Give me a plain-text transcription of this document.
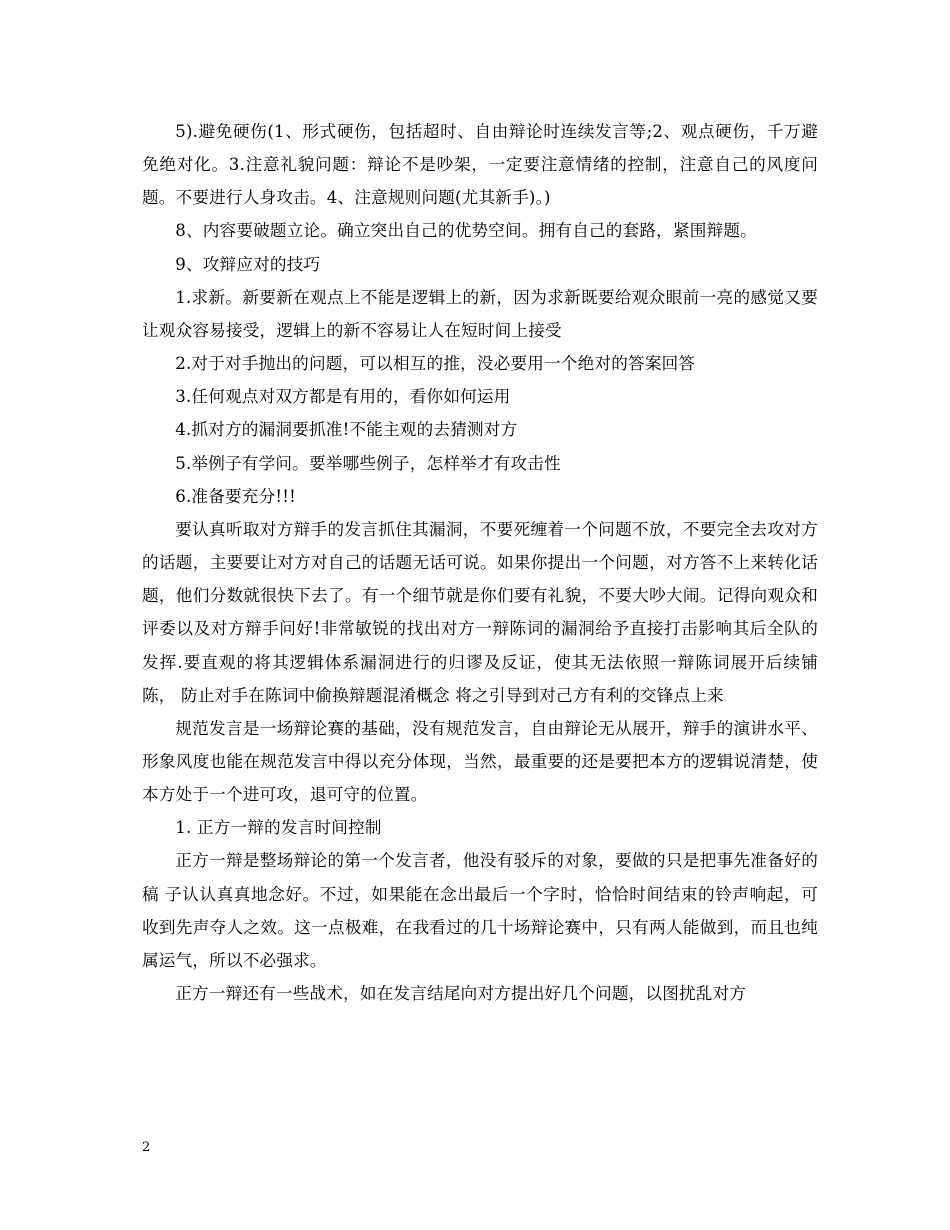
5).避免硬伤(1、形式硬伤，包括超时、自由辩论时连续发言等;2、观点硬伤，千万避免绝对化。3.注意礼貌问题：辩论不是吵架，一定要注意情绪的控制，注意自己的风度问题。不要进行人身攻击。4、注意规则问题(尤其新手)。)

8、内容要破题立论。确立突出自己的优势空间。拥有自己的套路，紧围辩题。

9、攻辩应对的技巧

1.求新。新要新在观点上不能是逻辑上的新，因为求新既要给观众眼前一亮的感觉又要让观众容易接受，逻辑上的新不容易让人在短时间上接受

2.对于对手抛出的问题，可以相互的推，没必要用一个绝对的答案回答

3.任何观点对双方都是有用的，看你如何运用

4.抓对方的漏洞要抓准!不能主观的去猜测对方

5.举例子有学问。要举哪些例子，怎样举才有攻击性

6.准备要充分!!!

要认真听取对方辩手的发言抓住其漏洞，不要死缠着一个问题不放，不要完全去攻对方的话题，主要要让对方对自己的话题无话可说。如果你提出一个问题，对方答不上来转化话题，他们分数就很快下去了。有一个细节就是你们要有礼貌，不要大吵大闹。记得向观众和评委以及对方辩手问好!非常敏锐的找出对方一辩陈词的漏洞给予直接打击影响其后全队的发挥.要直观的将其逻辑体系漏洞进行的归谬及反证，使其无法依照一辩陈词展开后续铺陈， 防止对手在陈词中偷换辩题混淆概念 将之引导到对己方有利的交锋点上来

规范发言是一场辩论赛的基础，没有规范发言，自由辩论无从展开，辩手的演讲水平、形象风度也能在规范发言中得以充分体现，当然，最重要的还是要把本方的逻辑说清楚，使本方处于一个进可攻，退可守的位置。

1. 正方一辩的发言时间控制

正方一辩是整场辩论的第一个发言者，他没有驳斥的对象，要做的只是把事先准备好的稿 子认认真真地念好。不过，如果能在念出最后一个字时，恰恰时间结束的铃声响起，可收到先声夺人之效。这一点极难，在我看过的几十场辩论赛中，只有两人能做到，而且也纯属运气，所以不必强求。

正方一辩还有一些战术，如在发言结尾向对方提出好几个问题，以图扰乱对方

2
